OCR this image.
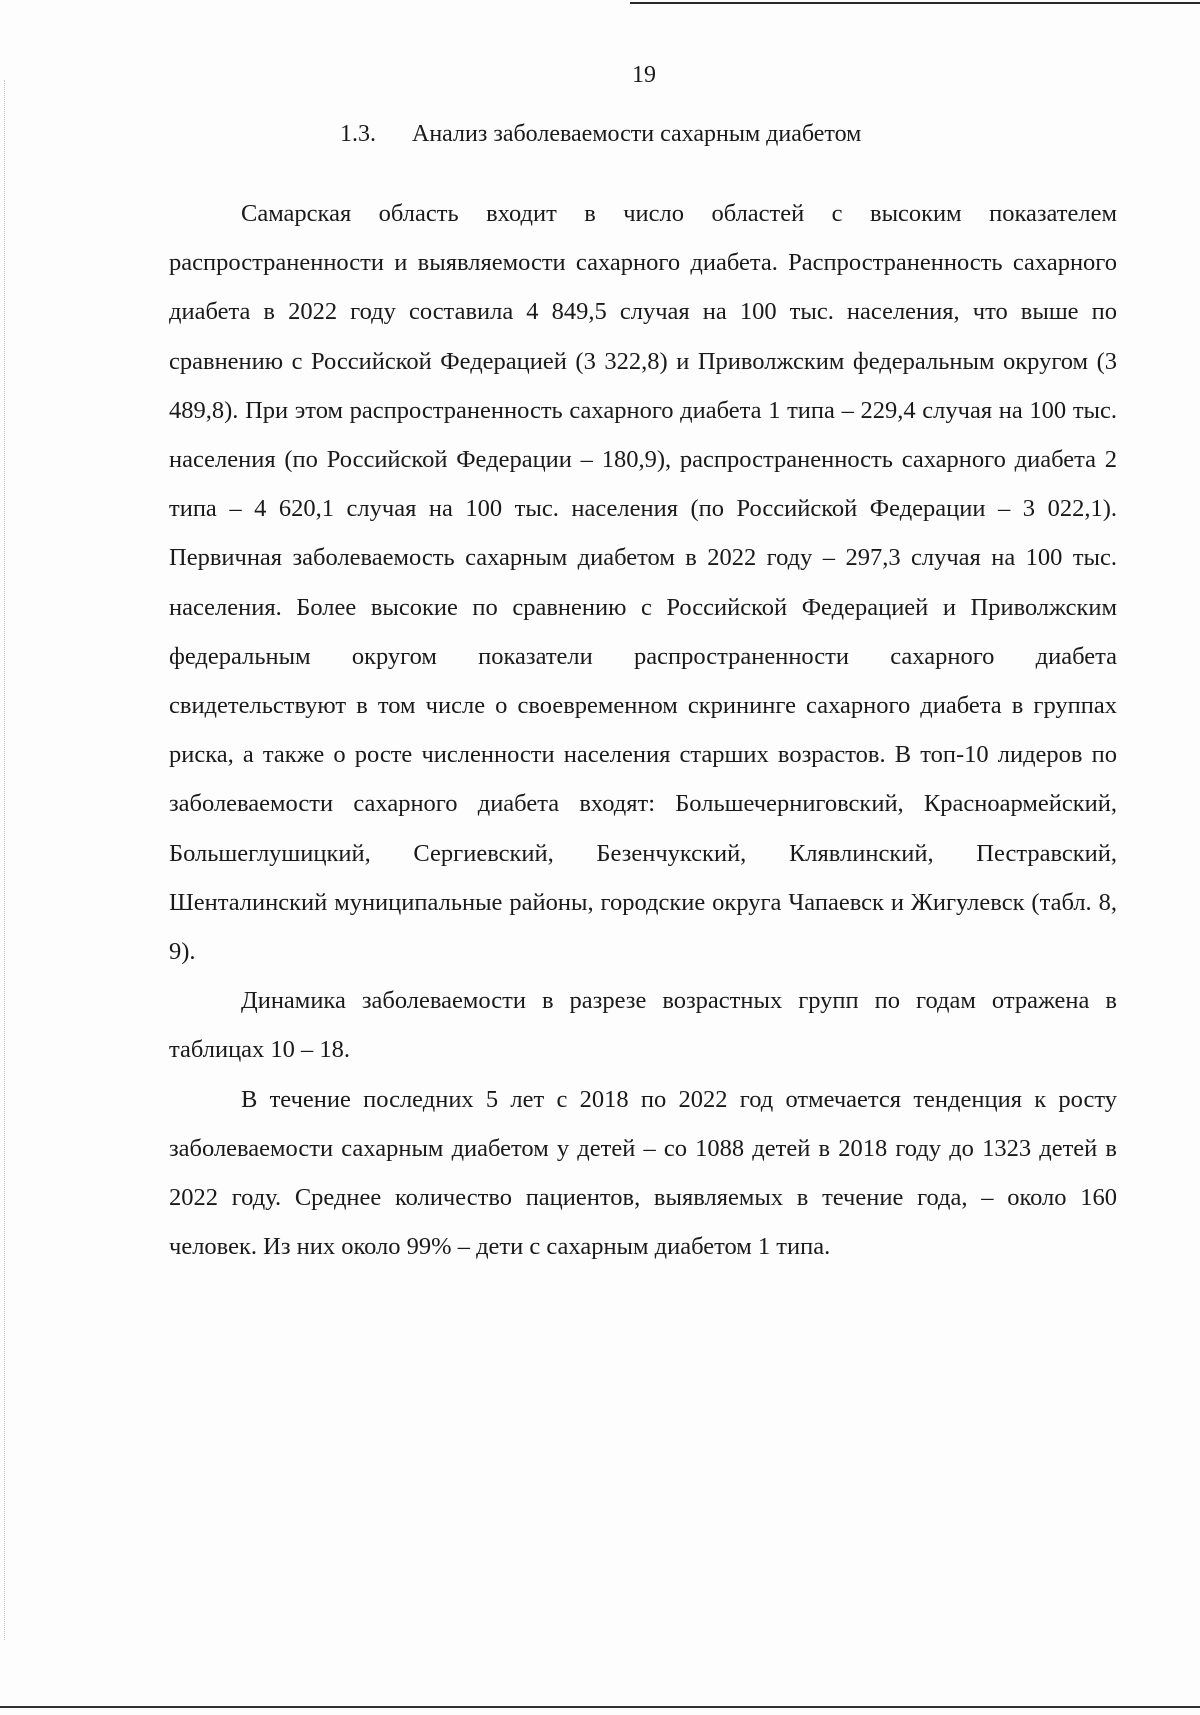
19
1.3. Анализ заболеваемости сахарным диабетом

Самарская область входит в число областей с высоким показателем распространенности и выявляемости сахарного диабета. Распространенность сахарного диабета в 2022 году составила 4 849,5 случая на 100 тыс. населения, что выше по сравнению с Российской Федерацией (3 322,8) и Приволжским федеральным округом (3 489,8). При этом распространенность сахарного диабета 1 типа – 229,4 случая на 100 тыс. населения (по Российской Федерации – 180,9), распространенность сахарного диабета 2 типа – 4 620,1 случая на 100 тыс. населения (по Российской Федерации – 3 022,1). Первичная заболеваемость сахарным диабетом в 2022 году – 297,3 случая на 100 тыс. населения. Более высокие по сравнению с Российской Федерацией и Приволжским федеральным округом показатели распространенности сахарного диабета свидетельствуют в том числе о своевременном скрининге сахарного диабета в группах риска, а также о росте численности населения старших возрастов. В топ-10 лидеров по заболеваемости сахарного диабета входят: Большечерниговский, Красноармейский, Большеглушицкий, Сергиевский, Безенчукский, Клявлинский, Пестравский, Шенталинский муниципальные районы, городские округа Чапаевск и Жигулевск (табл. 8, 9).

Динамика заболеваемости в разрезе возрастных групп по годам отражена в таблицах 10 – 18.

В течение последних 5 лет с 2018 по 2022 год отмечается тенденция к росту заболеваемости сахарным диабетом у детей – со 1088 детей в 2018 году до 1323 детей в 2022 году. Среднее количество пациентов, выявляемых в течение года, – около 160 человек. Из них около 99% – дети с сахарным диабетом 1 типа.
